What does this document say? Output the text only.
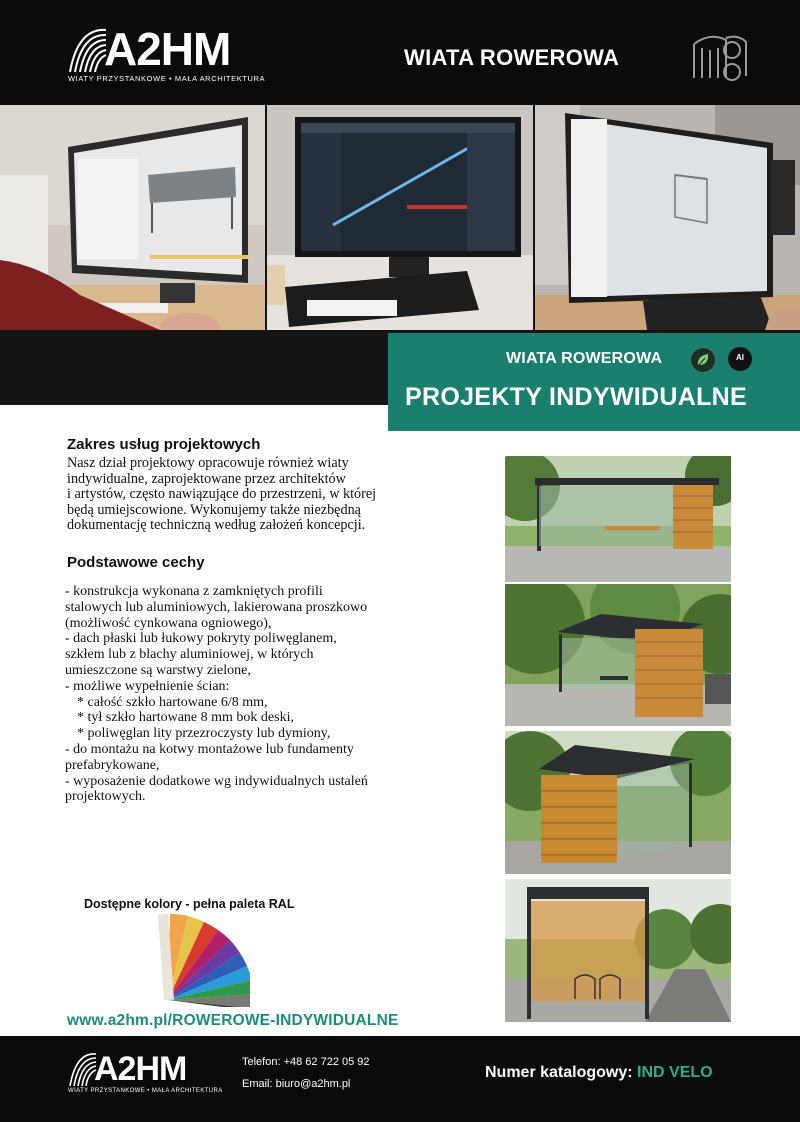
A2HM
WIATY PRZYSTANKOWE • MAŁA ARCHITEKTURA
WIATA ROWEROWA
WIATA ROWEROWA	AI
PROJEKTY INDYWIDUALNE
Zakres usług projektowych
Nasz dział projektowy opracowuje również wiaty
indywidualne, zaprojektowane przez architektów
i artystów, często nawiązujące do przestrzeni, w której
będą umiejscowione. Wykonujemy także niezbędną
dokumentację techniczną według założeń koncepcji.
Podstawowe cechy
- konstrukcja wykonana z zamkniętych profili
stalowych lub aluminiowych, lakierowana proszkowo
(możliwość cynkowana ogniowego),
- dach płaski lub łukowy pokryty poliwęglanem,
szkłem lub z blachy aluminiowej, w których
umieszczone są warstwy zielone,
- możliwe wypełnienie ścian:
* całość szkło hartowane 6/8 mm,
* tył szkło hartowane 8 mm bok deski,
* poliwęglan lity przezroczysty lub dymiony,
- do montażu na kotwy montażowe lub fundamenty
prefabrykowane,
- wyposażenie dodatkowe wg indywidualnych ustaleń
projektowych.
Dostępne kolory - pełna paleta RAL
www.a2hm.pl/ROWEROWE-INDYWIDUALNE
A2HM
WIATY PRZYSTANKOWE • MAŁA ARCHITEKTURA
Telefon: +48 62 722 05 92
Email: biuro@a2hm.pl
Numer katalogowy: IND VELO
